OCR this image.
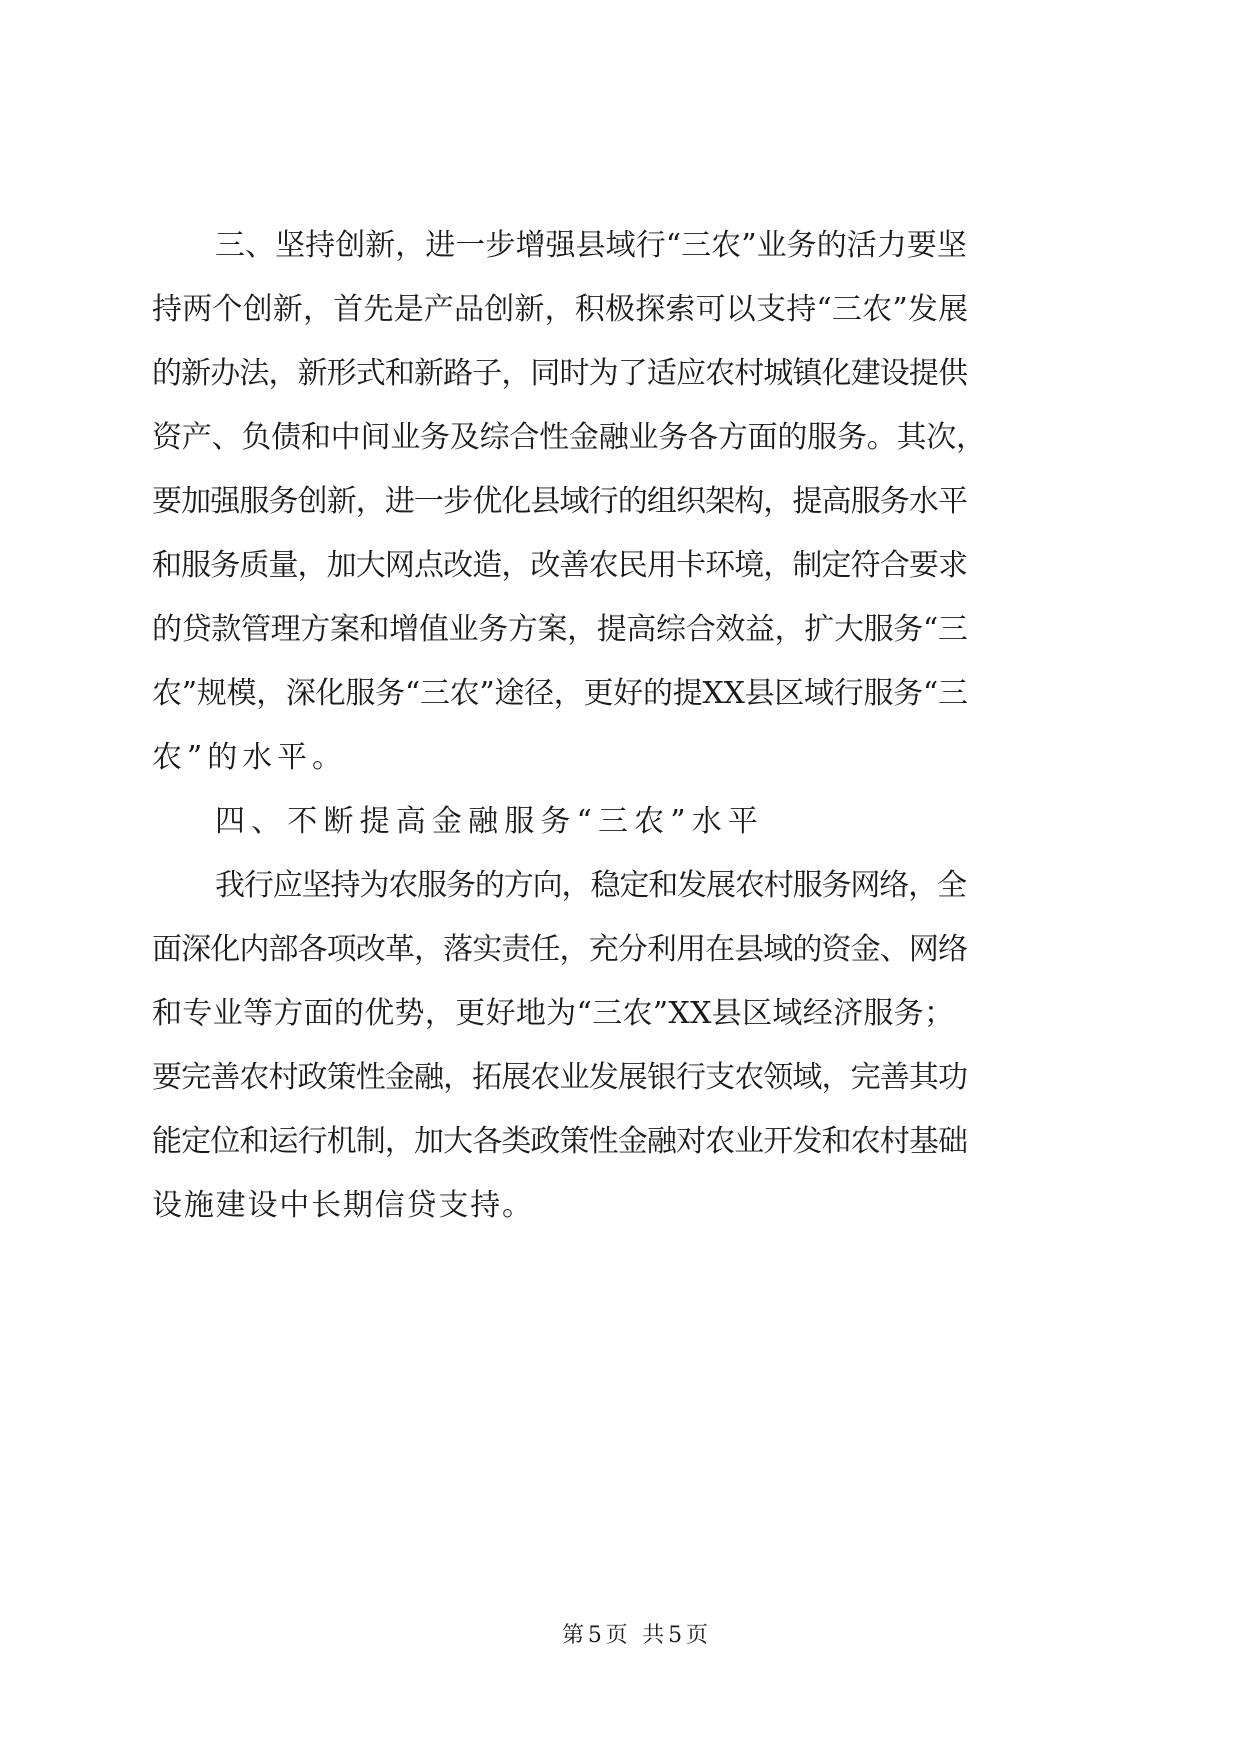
三、坚持创新，进一步增强县域行“三农”业务的活力要坚

持两个创新，首先是产品创新，积极探索可以支持“三农”发展

的新办法，新形式和新路子，同时为了适应农村城镇化建设提供

资产、负债和中间业务及综合性金融业务各方面的服务。其次，

要加强服务创新，进一步优化县域行的组织架构，提高服务水平

和服务质量，加大网点改造，改善农民用卡环境，制定符合要求

的贷款管理方案和增值业务方案，提高综合效益，扩大服务“三

农”规模，深化服务“三农”途径，更好的提XX县区域行服务“三

农”的水平。

四、不断提高金融服务“三农”水平

我行应坚持为农服务的方向，稳定和发展农村服务网络，全

面深化内部各项改革，落实责任，充分利用在县域的资金、网络

和专业等方面的优势，更好地为“三农”XX县区域经济服务；

要完善农村政策性金融，拓展农业发展银行支农领域，完善其功

能定位和运行机制，加大各类政策性金融对农业开发和农村基础

设施建设中长期信贷支持。

第5页 共5页
